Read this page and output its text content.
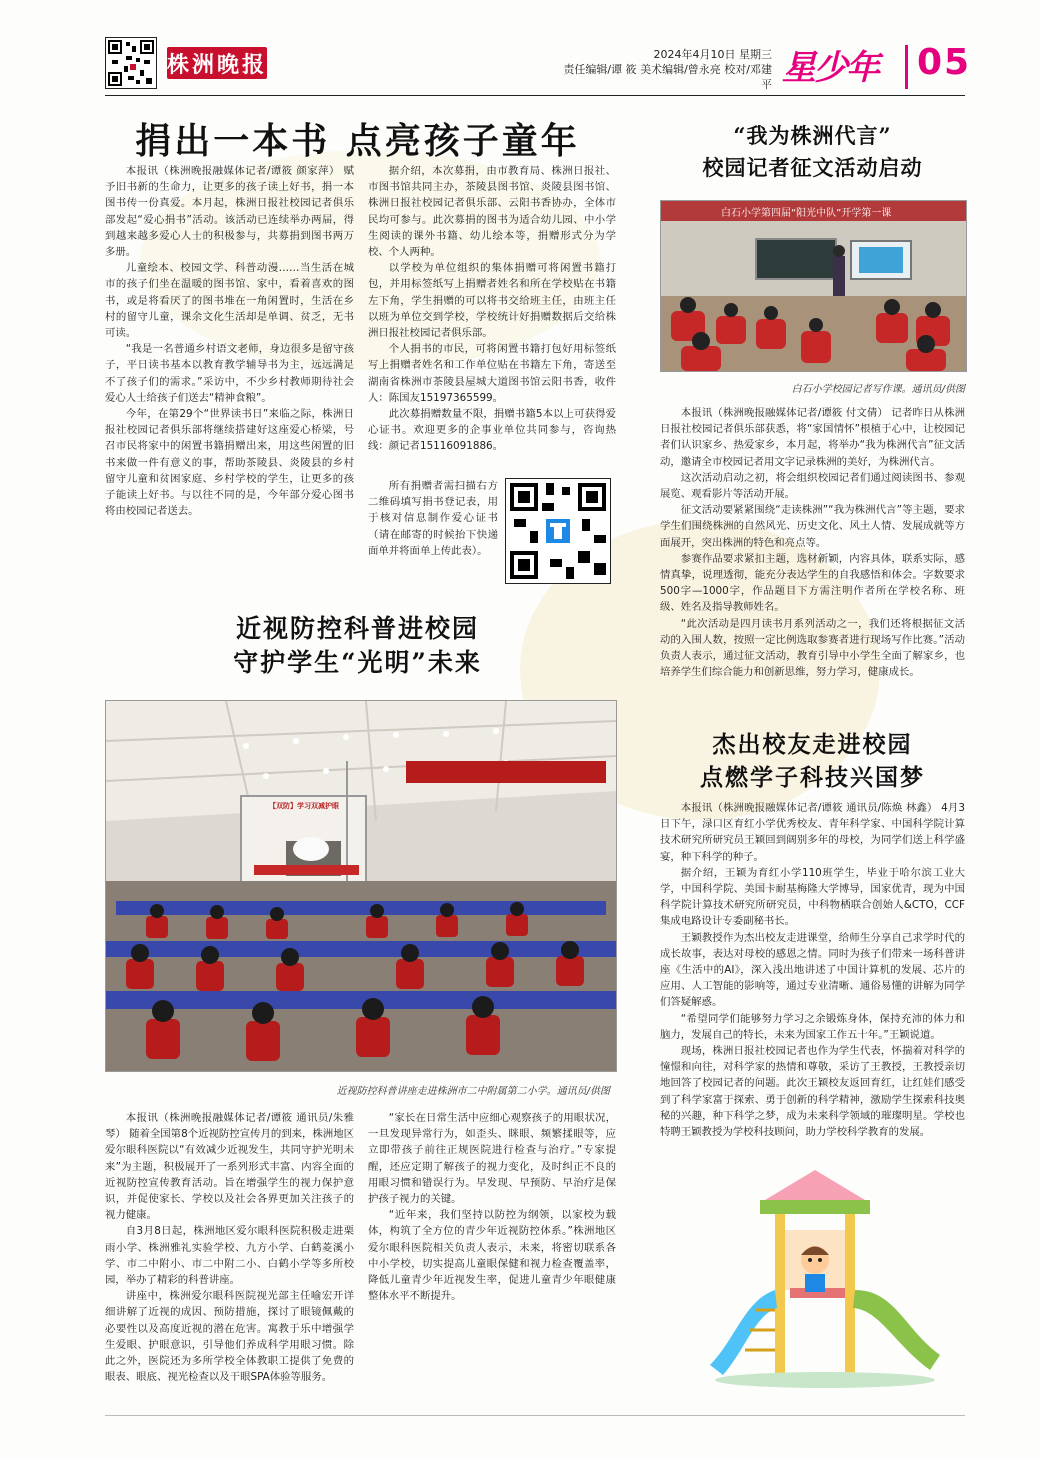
株洲晚报	2024年4月10日 星期三
责任编辑/谭 筱 美术编辑/曾永亮 校对/邓建平 星少年	05
捐出一本书 点亮孩子童年

本报讯（株洲晚报融媒体记者/谭筱 颜家萍） 赋予旧书新的生命力，让更多的孩子读上好书，捐一本图书传一份真爱。本月起，株洲日报社校园记者俱乐部发起“爱心捐书”活动。该活动已连续举办两届，得到越来越多爱心人士的积极参与，共募捐到图书两万多册。

儿童绘本、校园文学、科普动漫……当生活在城市的孩子们坐在温暖的图书馆、家中，看着喜欢的图书，或是将看厌了的图书堆在一角闲置时，生活在乡村的留守儿童，课余文化生活却是单调、贫乏，无书可读。

“我是一名普通乡村语文老师，身边很多是留守孩子，平日读书基本以教育教学辅导书为主，远远满足不了孩子们的需求。”采访中，不少乡村教师期待社会爱心人士给孩子们送去“精神食粮”。

今年，在第29个“世界读书日”来临之际，株洲日报社校园记者俱乐部将继续搭建好这座爱心桥梁，号召市民将家中的闲置书籍捐赠出来，用这些闲置的旧书来做一件有意义的事，帮助茶陵县、炎陵县的乡村留守儿童和贫困家庭、乡村学校的学生，让更多的孩子能读上好书。与以往不同的是，今年部分爱心图书将由校园记者送去。

据介绍，本次募捐，由市教育局、株洲日报社、市图书馆共同主办，茶陵县图书馆、炎陵县图书馆、株洲日报社校园记者俱乐部、云阳书香协办，全体市民均可参与。此次募捐的图书为适合幼儿园、中小学生阅读的课外书籍、幼儿绘本等，捐赠形式分为学校、个人两种。

以学校为单位组织的集体捐赠可将闲置书籍打包，并用标签纸写上捐赠者姓名和所在学校贴在书籍左下角，学生捐赠的可以将书交给班主任，由班主任以班为单位交到学校，学校统计好捐赠数据后交给株洲日报社校园记者俱乐部。

个人捐书的市民，可将闲置书籍打包好用标签纸写上捐赠者姓名和工作单位贴在书籍左下角，寄送至湖南省株洲市茶陵县屋城大道图书馆云阳书香，收件人：陈国友15197365599。

此次募捐赠数量不限，捐赠书籍5本以上可获得爱心证书。欢迎更多的企事业单位共同参与，咨询热线：颜记者15116091886。

所有捐赠者需扫描右方二维码填写捐书登记表，用于核对信息制作爱心证书（请在邮寄的时候抬下快递面单并将面单上传此表）。

“我为株洲代言”
校园记者征文活动启动
白石小学第四届“阳光中队”开学第一课
白石小学校园记者写作课。通讯员/供图

本报讯（株洲晚报融媒体记者/谭筱 付文倩） 记者昨日从株洲日报社校园记者俱乐部获悉，将“家国情怀”根植于心中，让校园记者们认识家乡、热爱家乡，本月起，将举办“我为株洲代言”征文活动，邀请全市校园记者用文字记录株洲的美好，为株洲代言。

这次活动启动之初，将会组织校园记者们通过阅读图书、参观展览、观看影片等活动开展。

征文活动要紧紧围绕“走读株洲”“我为株洲代言”等主题，要求学生们围绕株洲的自然风光、历史文化、风土人情、发展成就等方面展开，突出株洲的特色和亮点等。

参赛作品要求紧扣主题，选材新颖，内容具体，联系实际，感情真挚，说理透彻，能充分表达学生的自我感悟和体会。字数要求500字—1000字，作品题目下方需注明作者所在学校名称、班级、姓名及指导教师姓名。

“此次活动是四月读书月系列活动之一，我们还将根据征文活动的入围人数，按照一定比例选取参赛者进行现场写作比赛。”活动负责人表示，通过征文活动，教育引导中小学生全面了解家乡，也培养学生们综合能力和创新思维，努力学习，健康成长。

近视防控科普进校园
守护学生“光明”未来
【双防】学习双减护眼
近视防控科普讲座走进株洲市二中附属第二小学。通讯员/供图

本报讯（株洲晚报融媒体记者/谭筱 通讯员/朱雅琴） 随着全国第8个近视防控宣传月的到来，株洲地区爱尔眼科医院以“有效减少近视发生，共同守护光明未来”为主题，积极展开了一系列形式丰富、内容全面的近视防控宣传教育活动。旨在增强学生的视力保护意识，并促使家长、学校以及社会各界更加关注孩子的视力健康。

自3月8日起，株洲地区爱尔眼科医院积极走进栗雨小学、株洲雅礼实验学校、九方小学、白鹤菱溪小学、市二中附小、市二中附二小、白鹤小学等多所校园，举办了精彩的科普讲座。

讲座中，株洲爱尔眼科医院视光部主任喻宏开详细讲解了近视的成因、预防措施，探讨了眼镜佩戴的必要性以及高度近视的潜在危害。寓教于乐中增强学生爱眼、护眼意识，引导他们养成科学用眼习惯。除此之外，医院还为多所学校全体教职工提供了免费的眼表、眼底、视光检查以及干眼SPA体验等服务。

“家长在日常生活中应细心观察孩子的用眼状况，一旦发现异常行为，如歪头、眯眼、频繁揉眼等，应立即带孩子前往正规医院进行检查与治疗。”专家提醒，还应定期了解孩子的视力变化，及时纠正不良的用眼习惯和错误行为。早发现、早预防、早治疗是保护孩子视力的关键。

“近年来，我们坚持以防控为纲领，以家校为载体，构筑了全方位的青少年近视防控体系。”株洲地区爱尔眼科医院相关负责人表示，未来，将密切联系各中小学校，切实提高儿童眼保健和视力检查覆盖率，降低儿童青少年近视发生率，促进儿童青少年眼健康整体水平不断提升。

杰出校友走进校园
点燃学子科技兴国梦

本报讯（株洲晚报融媒体记者/谭筱 通讯员/陈焕 林鑫） 4月3日下午，渌口区育红小学优秀校友、青年科学家、中国科学院计算技术研究所研究员王颖回到阔别多年的母校，为同学们送上科学盛宴，种下科学的种子。

据介绍，王颖为育红小学110班学生，毕业于哈尔滨工业大学，中国科学院、美国卡耐基梅隆大学博导，国家优青，现为中国科学院计算技术研究所研究员，中科物栖联合创始人&CTO，CCF集成电路设计专委副秘书长。

王颖教授作为杰出校友走进课堂，给师生分享自己求学时代的成长故事，表达对母校的感恩之情。同时为孩子们带来一场科普讲座《生活中的AI》，深入浅出地讲述了中国计算机的发展、芯片的应用、人工智能的影响等，通过专业清晰、通俗易懂的讲解为同学们答疑解惑。

“希望同学们能够努力学习之余锻炼身体，保持充沛的体力和脑力，发展自己的特长，未来为国家工作五十年。”王颖说道。

现场，株洲日报社校园记者也作为学生代表，怀揣着对科学的憧憬和向往，对科学家的热情和尊敬，采访了王教授，王教授亲切地回答了校园记者的问题。此次王颖校友返回育红，让红娃们感受到了科学家富于探索、勇于创新的科学精神，激励学生探索科技奥秘的兴趣，种下科学之梦，成为未来科学领域的璀璨明星。学校也特聘王颖教授为学校科技顾问，助力学校科学教育的发展。
